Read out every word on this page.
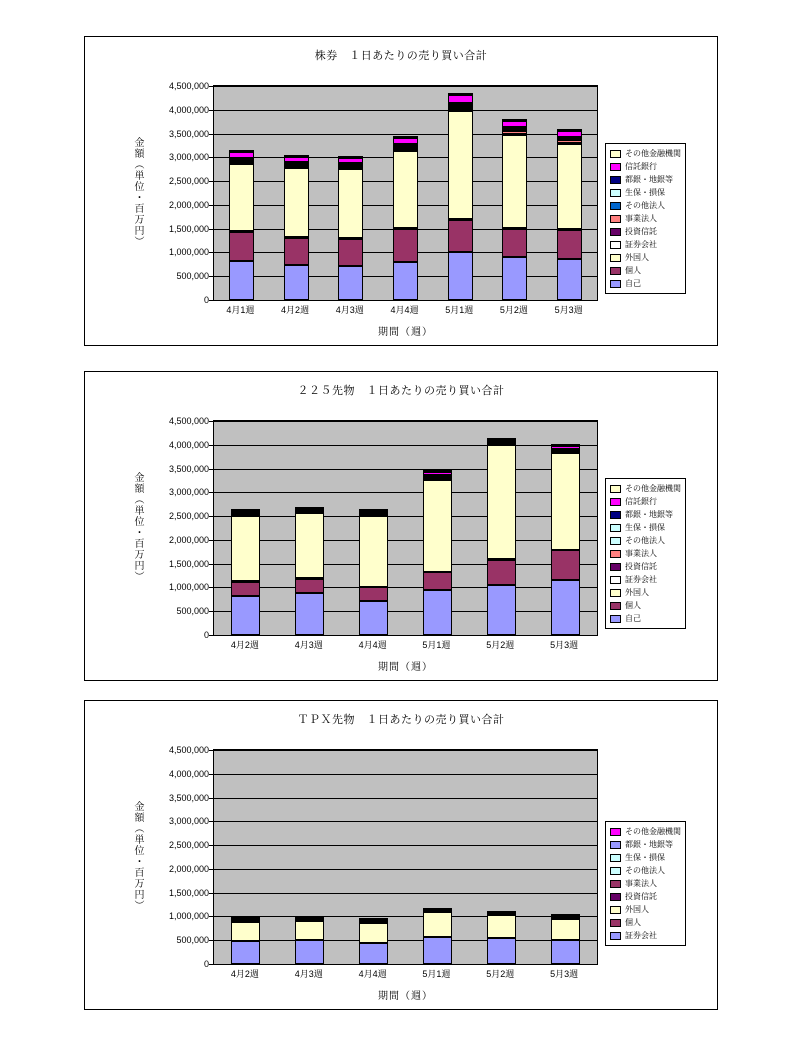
株券　１日あたりの売り買い合計
金額（単位・百万円）
0
500,000
1,000,000
1,500,000
2,000,000
2,500,000
3,000,000
3,500,000
4,000,000
4,500,000
4月1週	4月2週	4月3週	4月4週	5月1週	5月2週	5月3週
期間（週）
その他金融機関
信託銀行
都銀・地銀等
生保・損保
その他法人
事業法人
投資信託
証券会社
外国人
個人
自己
２２５先物　１日あたりの売り買い合計
金額（単位・百万円）
0
500,000
1,000,000
1,500,000
2,000,000
2,500,000
3,000,000
3,500,000
4,000,000
4,500,000
4月2週	4月3週	4月4週	5月1週	5月2週	5月3週
期間（週）
その他金融機関
信託銀行
都銀・地銀等
生保・損保
その他法人
事業法人
投資信託
証券会社
外国人
個人
自己
ＴＰＸ先物　１日あたりの売り買い合計
金額（単位・百万円）
0
500,000
1,000,000
1,500,000
2,000,000
2,500,000
3,000,000
3,500,000
4,000,000
4,500,000
4月2週	4月3週	4月4週	5月1週	5月2週	5月3週
期間（週）
その他金融機関
都銀・地銀等
生保・損保
その他法人
事業法人
投資信託
外国人
個人
証券会社
